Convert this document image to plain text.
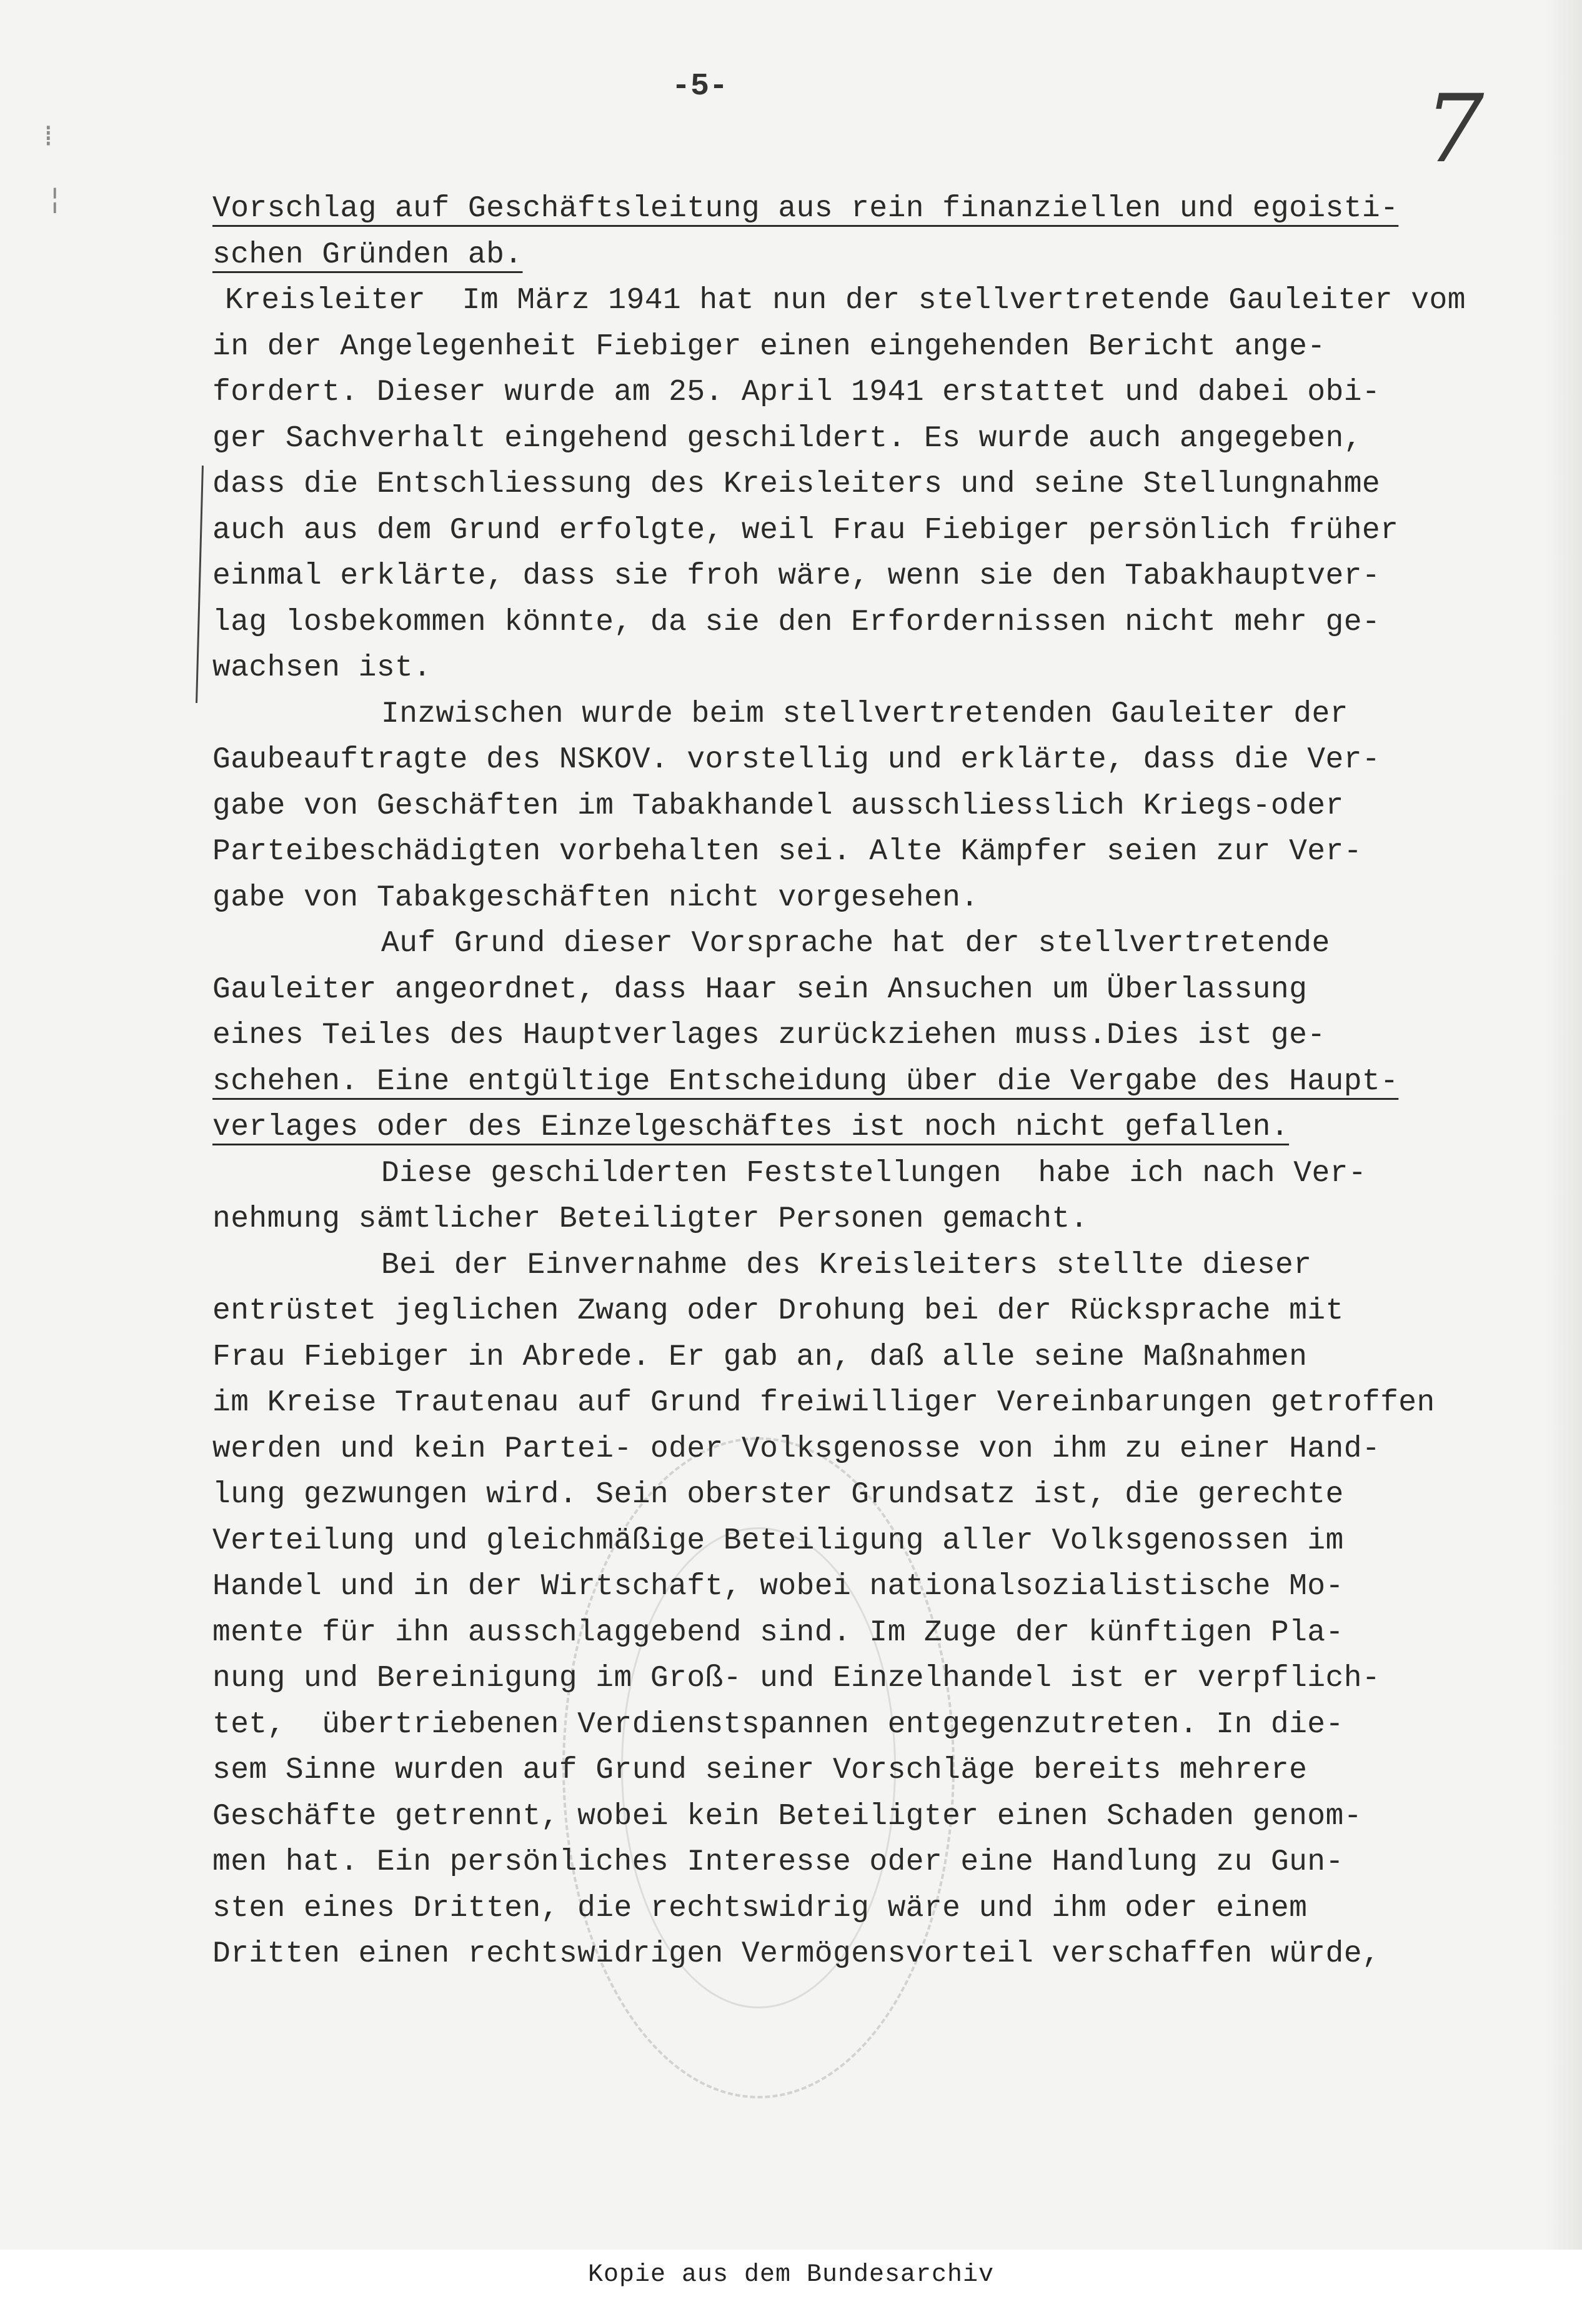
⁞
¦
-5-	7
Vorschlag auf Geschäftsleitung aus rein finanziellen und egoisti-
schen Gründen ab.
Kreisleiter  Im März 1941 hat nun der stellvertretende Gauleiter vom
in der Angelegenheit Fiebiger einen eingehenden Bericht ange-
fordert. Dieser wurde am 25. April 1941 erstattet und dabei obi-
ger Sachverhalt eingehend geschildert. Es wurde auch angegeben,
dass die Entschliessung des Kreisleiters und seine Stellungnahme
auch aus dem Grund erfolgte, weil Frau Fiebiger persönlich früher
einmal erklärte, dass sie froh wäre, wenn sie den Tabakhauptver-
lag losbekommen könnte, da sie den Erfordernissen nicht mehr ge-
wachsen ist.
Inzwischen wurde beim stellvertretenden Gauleiter der
Gaubeauftragte des NSKOV. vorstellig und erklärte, dass die Ver-
gabe von Geschäften im Tabakhandel ausschliesslich Kriegs-oder
Parteibeschädigten vorbehalten sei. Alte Kämpfer seien zur Ver-
gabe von Tabakgeschäften nicht vorgesehen.
Auf Grund dieser Vorsprache hat der stellvertretende
Gauleiter angeordnet, dass Haar sein Ansuchen um Überlassung
eines Teiles des Hauptverlages zurückziehen muss.Dies ist ge-
schehen. Eine entgültige Entscheidung über die Vergabe des Haupt-
verlages oder des Einzelgeschäftes ist noch nicht gefallen.
Diese geschilderten Feststellungen  habe ich nach Ver-
nehmung sämtlicher Beteiligter Personen gemacht.
Bei der Einvernahme des Kreisleiters stellte dieser
entrüstet jeglichen Zwang oder Drohung bei der Rücksprache mit
Frau Fiebiger in Abrede. Er gab an, daß alle seine Maßnahmen
im Kreise Trautenau auf Grund freiwilliger Vereinbarungen getroffen
werden und kein Partei- oder Volksgenosse von ihm zu einer Hand-
lung gezwungen wird. Sein oberster Grundsatz ist, die gerechte
Verteilung und gleichmäßige Beteiligung aller Volksgenossen im
Handel und in der Wirtschaft, wobei nationalsozialistische Mo-
mente für ihn ausschlaggebend sind. Im Zuge der künftigen Pla-
nung und Bereinigung im Groß- und Einzelhandel ist er verpflich-
tet,  übertriebenen Verdienstspannen entgegenzutreten. In die-
sem Sinne wurden auf Grund seiner Vorschläge bereits mehrere
Geschäfte getrennt, wobei kein Beteiligter einen Schaden genom-
men hat. Ein persönliches Interesse oder eine Handlung zu Gun-
sten eines Dritten, die rechtswidrig wäre und ihm oder einem
Dritten einen rechtswidrigen Vermögensvorteil verschaffen würde,
Kopie aus dem Bundesarchiv
